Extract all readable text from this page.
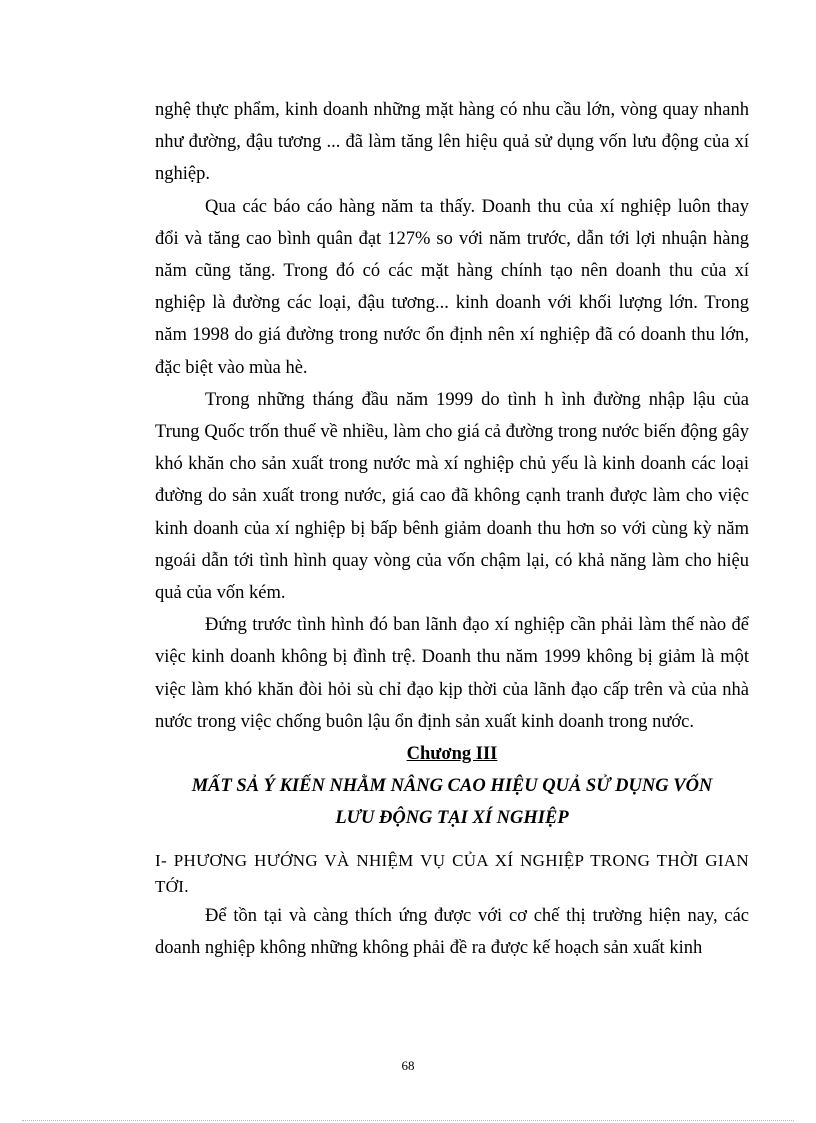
nghệ thực phẩm, kinh doanh những mặt hàng có nhu cầu lớn, vòng quay nhanh như đường, đậu tương ... đã làm tăng lên hiệu quả sử dụng vốn lưu động của xí nghiệp.

Qua các báo cáo hàng năm ta thấy. Doanh thu của xí nghiệp luôn thay đổi và tăng cao bình quân đạt 127% so với năm trước, dẫn tới lợi nhuận hàng năm cũng tăng. Trong đó có các mặt hàng chính tạo nên doanh thu của xí nghiệp là đường các loại, đậu tương... kinh doanh với khối lượng lớn. Trong năm 1998 do giá đường trong nước ổn định nên xí nghiệp đã có doanh thu lớn, đặc biệt vào mùa hè.

Trong những tháng đầu năm 1999 do tình h ình đường nhập lậu của Trung Quốc trốn thuế về nhiều, làm cho giá cả đường trong nước biến động gây khó khăn cho sản xuất trong nước mà xí nghiệp chủ yếu là kinh doanh các loại đường do sản xuất trong nước, giá cao đã không cạnh tranh được làm cho việc kinh doanh của xí nghiệp bị bấp bênh giảm doanh thu hơn so với cùng kỳ năm ngoái dẫn tới tình hình quay vòng của vốn chậm lại, có khả năng làm cho hiệu quả của vốn kém.

Đứng trước tình hình đó ban lãnh đạo xí nghiệp cần phải làm thế nào để việc kinh doanh không bị đình trệ. Doanh thu năm 1999 không bị giảm là một việc làm khó khăn đòi hỏi sù chỉ đạo kịp thời của lãnh đạo cấp trên và của nhà nước trong việc chống buôn lậu ổn định sản xuất kinh doanh trong nước.

Chương III

MẤT SẢ Ý KIẾN NHẰM NÂNG CAO HIỆU QUẢ SỬ DỤNG VỐN

LƯU ĐỘNG TẠI XÍ NGHIỆP

I- PHƯƠNG HƯỚNG VÀ NHIỆM VỤ CỦA XÍ NGHIỆP TRONG THỜI GIAN TỚI.

Để tồn tại và càng thích ứng được với cơ chế thị trường hiện nay, các doanh nghiệp không những không phải đề ra được kế hoạch sản xuất kinh

68
